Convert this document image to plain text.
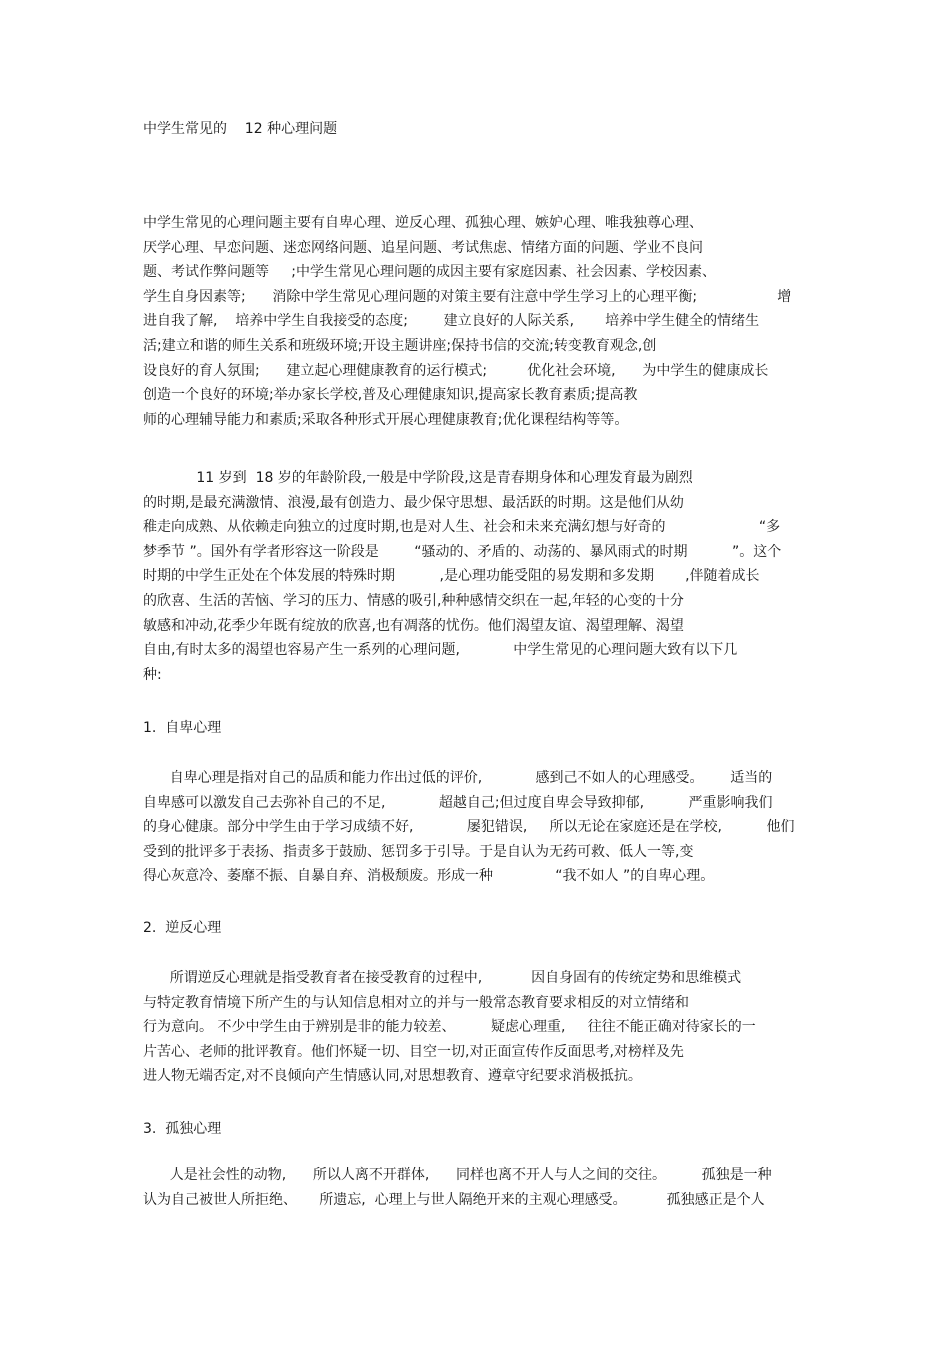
中学生常见的    12 种心理问题
中学生常见的心理问题主要有自卑心理、逆反心理、孤独心理、嫉妒心理、唯我独尊心理、
厌学心理、早恋问题、迷恋网络问题、追星问题、考试焦虑、情绪方面的问题、学业不良问
题、考试作弊问题等     ;中学生常见心理问题的成因主要有家庭因素、社会因素、学校因素、
学生自身因素等;      消除中学生常见心理问题的对策主要有注意中学生学习上的心理平衡;                  增
进自我了解,    培养中学生自我接受的态度;        建立良好的人际关系,       培养中学生健全的情绪生
活;建立和谐的师生关系和班级环境;开设主题讲座;保持书信的交流;转变教育观念,创
设良好的育人氛围;      建立起心理健康教育的运行模式;         优化社会环境,      为中学生的健康成长
创造一个良好的环境;举办家长学校,普及心理健康知识,提高家长教育素质;提高教
师的心理辅导能力和素质;采取各种形式开展心理健康教育;优化课程结构等等。
11 岁到  18 岁的年龄阶段,一般是中学阶段,这是青春期身体和心理发育最为剧烈
的时期,是最充满激情、浪漫,最有创造力、最少保守思想、最活跃的时期。这是他们从幼
稚走向成熟、从依赖走向独立的过度时期,也是对人生、社会和未来充满幻想与好奇的                     “多
梦季节 ”。国外有学者形容这一阶段是        “骚动的、矛盾的、动荡的、暴风雨式的时期          ”。这个
时期的中学生正处在个体发展的特殊时期          ,是心理功能受阻的易发期和多发期       ,伴随着成长
的欣喜、生活的苦恼、学习的压力、情感的吸引,种种感情交织在一起,年轻的心变的十分
敏感和冲动,花季少年既有绽放的欣喜,也有凋落的忧伤。他们渴望友谊、渴望理解、渴望
自由,有时太多的渴望也容易产生一系列的心理问题,            中学生常见的心理问题大致有以下几
种:
1.  自卑心理
自卑心理是指对自己的品质和能力作出过低的评价,            感到己不如人的心理感受。      适当的
自卑感可以激发自己去弥补自己的不足,            超越自己;但过度自卑会导致抑郁,          严重影响我们
的身心健康。部分中学生由于学习成绩不好,            屡犯错误,     所以无论在家庭还是在学校,          他们
受到的批评多于表扬、指责多于鼓励、惩罚多于引导。于是自认为无药可救、低人一等,变
得心灰意冷、萎靡不振、自暴自弃、消极颓废。形成一种              “我不如人 ”的自卑心理。
2.  逆反心理
所谓逆反心理就是指受教育者在接受教育的过程中,           因自身固有的传统定势和思维模式
与特定教育情境下所产生的与认知信息相对立的并与一般常态教育要求相反的对立情绪和
行为意向。 不少中学生由于辨别是非的能力较差、        疑虑心理重,     往往不能正确对待家长的一
片苦心、老师的批评教育。他们怀疑一切、目空一切,对正面宣传作反面思考,对榜样及先
进人物无端否定,对不良倾向产生情感认同,对思想教育、遵章守纪要求消极抵抗。
3.  孤独心理
人是社会性的动物,      所以人离不开群体,      同样也离不开人与人之间的交往。        孤独是一种
认为自己被世人所拒绝、     所遗忘,  心理上与世人隔绝开来的主观心理感受。         孤独感正是个人
